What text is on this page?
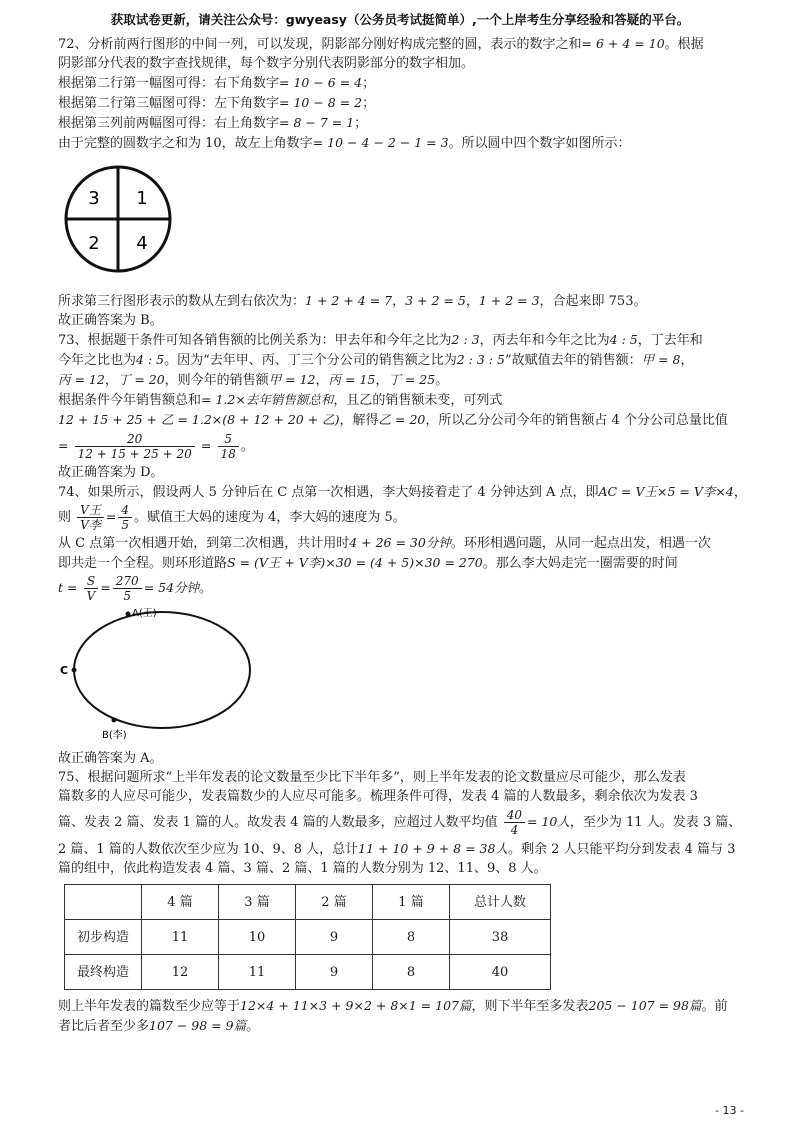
获取试卷更新，请关注公众号：gwyeasy（公务员考试挺简单）,一个上岸考生分享经验和答疑的平台。

72、分析前两行图形的中间一列，可以发现，阴影部分刚好构成完整的圆，表示的数字之和= 6 + 4 = 10。根据

阴影部分代表的数字查找规律，每个数字分别代表阴影部分的数字相加。

根据第二行第一幅图可得：右下角数字= 10 − 6 = 4；

根据第二行第三幅图可得：左下角数字= 10 − 8 = 2；

根据第三列前两幅图可得：右上角数字= 8 − 7 = 1；

由于完整的圆数字之和为 10，故左上角数字= 10 − 4 − 2 − 1 = 3。所以圆中四个数字如图所示：

3 1
2 4

所求第三行图形表示的数从左到右依次为：1 + 2 + 4 = 7，3 + 2 = 5，1 + 2 = 3，合起来即 753。

故正确答案为 B。

73、根据题干条件可知各销售额的比例关系为：甲去年和今年之比为2 : 3，丙去年和今年之比为4 : 5，丁去年和

今年之比也为4 : 5。因为“去年甲、丙、丁三个分公司的销售额之比为2 : 3 : 5”故赋值去年的销售额：甲 = 8，

丙 = 12，丁 = 20，则今年的销售额甲 = 12，丙 = 15，丁 = 25。

根据条件今年销售额总和= 1.2×去年销售额总和，且乙的销售额未变，可列式

12 + 15 + 25 + 乙 = 1.2×(8 + 12 + 20 + 乙)，解得乙 = 20，所以乙分公司今年的销售额占 4 个分公司总量比值

= $\frac{20}{12 + 15 + 25 + 20} = \frac{5}{18}$ 。

故正确答案为 D。

74、如果所示，假设两人 5 分钟后在 C 点第一次相遇，李大妈接着走了 4 分钟达到 A 点，即AC = V王×5 = V李×4，

则 $\frac{\text{V王}}{\text{V李}} = \frac{4}{5}$ 。赋值王大妈的速度为 4，李大妈的速度为 5。

从 C 点第一次相遇开始，到第二次相遇，共计用时4 + 26 = 30分钟。环形相遇问题，从同一起点出发，相遇一次

即共走一个全程。则环形道路S = (V王 + V李)×30 = (4 + 5)×30 = 270。那么李大妈走完一圈需要的时间

$t = \frac{S}{V} = \frac{270}{5} = 54$分钟。

A(王)
C
B(李)

故正确答案为 A。

75、根据问题所求“上半年发表的论文数量至少比下半年多”，则上半年发表的论文数量应尽可能少，那么发表

篇数多的人应尽可能少，发表篇数少的人应尽可能多。梳理条件可得，发表 4 篇的人数最多，剩余依次为发表 3

篇、发表 2 篇、发表 1 篇的人。故发表 4 篇的人数最多，应超过人数平均值 $\frac{40}{4} = 10$人，至少为 11 人。发表 3 篇、

2 篇、1 篇的人数依次至少应为 10、9、8 人，总计11 + 10 + 9 + 8 = 38人。剩余 2 人只能平均分到发表 4 篇与 3

篇的组中，依此构造发表 4 篇、3 篇、2 篇、1 篇的人数分别为 12、11、9、8 人。

	4 篇	3 篇	2 篇	1 篇	总计人数
初步构造	11	10	9	8	38
最终构造	12	11	9	8	40

则上半年发表的篇数至少应等于12×4 + 11×3 + 9×2 + 8×1 = 107篇，则下半年至多发表205 − 107 = 98篇。前

者比后者至少多107 − 98 = 9篇。

- 13 -
